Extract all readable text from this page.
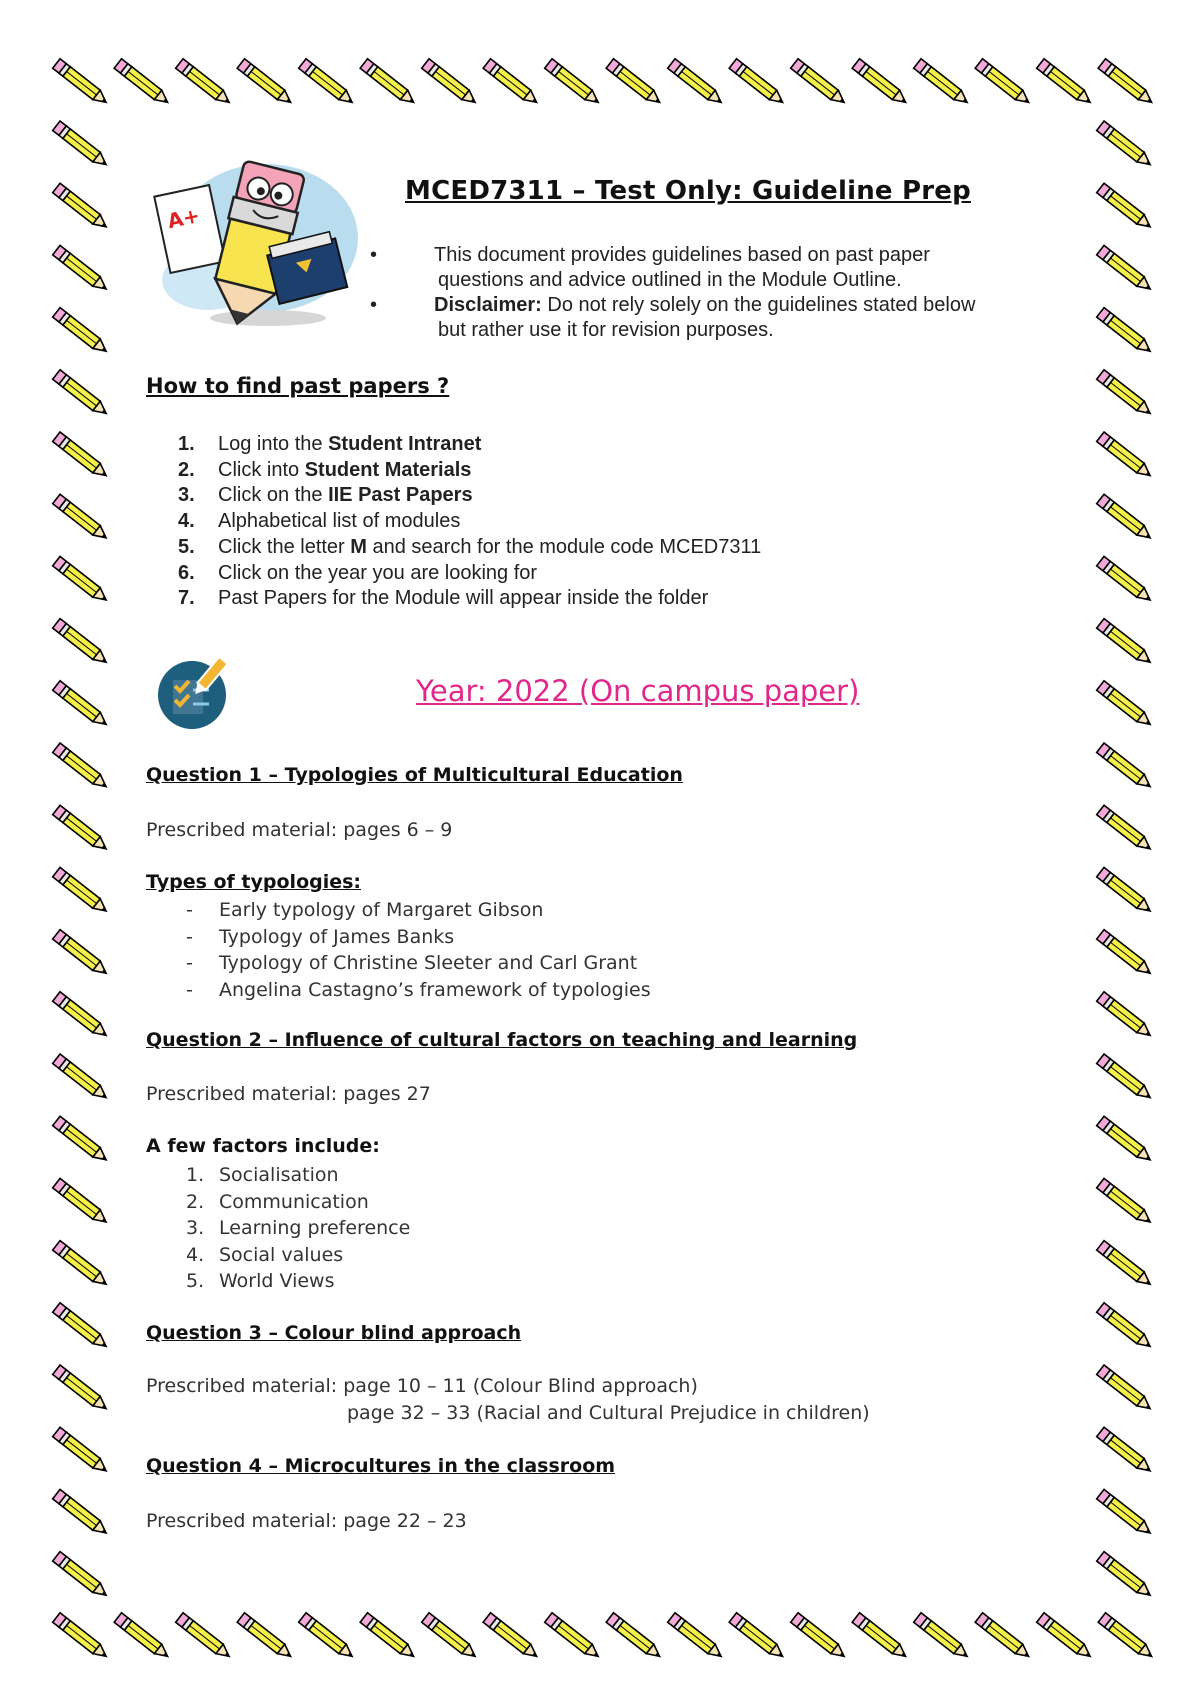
A+
MCED7311 – Test Only: Guideline Prep
•	This document provides guidelines based on past paper
questions and advice outlined in the Module Outline.
•	Disclaimer: Do not rely solely on the guidelines stated below
but rather use it for revision purposes.
How to find past papers ?
1.	Log into the Student Intranet
2.	Click into Student Materials
3.	Click on the IIE Past Papers
4.	Alphabetical list of modules
5.	Click the letter M and search for the module code MCED7311
6.	Click on the year you are looking for
7.	Past Papers for the Module will appear inside the folder
Year: 2022 (On campus paper)
Question 1 – Typologies of Multicultural Education
Prescribed material: pages 6 – 9
Types of typologies:
-	Early typology of Margaret Gibson
-	Typology of James Banks
-	Typology of Christine Sleeter and Carl Grant
-	Angelina Castagno’s framework of typologies
Question 2 – Influence of cultural factors on teaching and learning
Prescribed material: pages 27
A few factors include:
1. Socialisation
2. Communication
3. Learning preference
4. Social values
5. World Views
Question 3 – Colour blind approach
Prescribed material: page 10 – 11 (Colour Blind approach)
page 32 – 33 (Racial and Cultural Prejudice in children)
Question 4 – Microcultures in the classroom
Prescribed material: page 22 – 23
